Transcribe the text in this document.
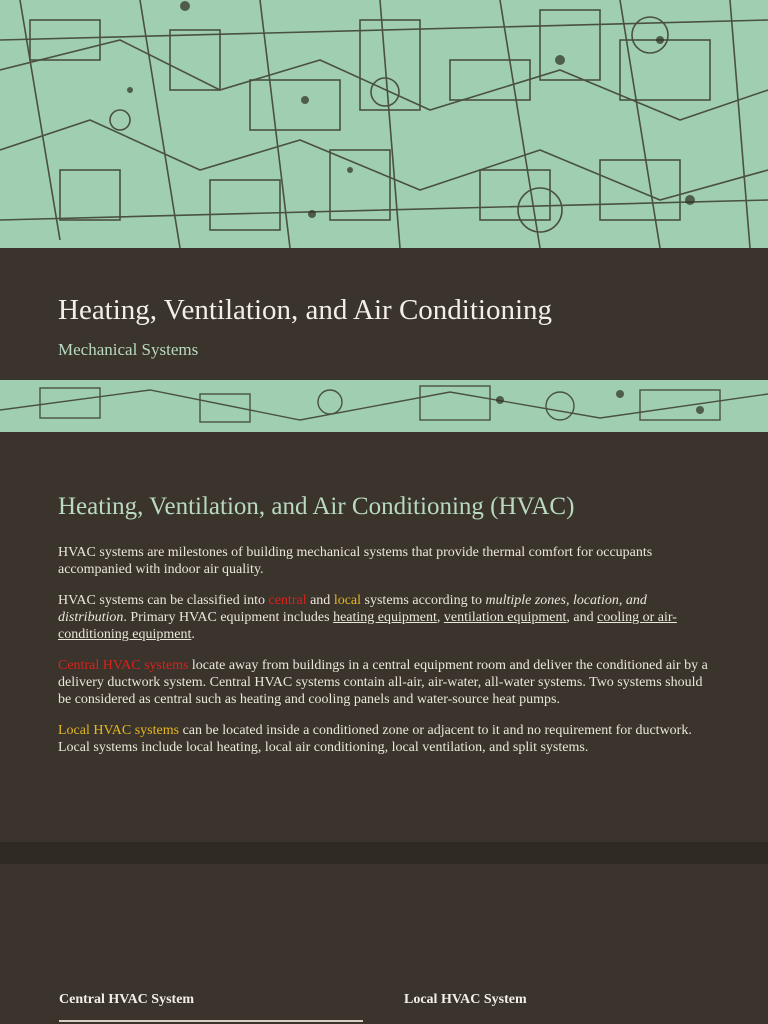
Heating, Ventilation, and Air Conditioning
Mechanical Systems
Heating, Ventilation, and Air Conditioning (HVAC)

HVAC systems are milestones of building mechanical systems that provide thermal comfort for occupants accompanied with indoor air quality.

HVAC systems can be classified into central and local systems according to multiple zones, location, and distribution. Primary HVAC equipment includes heating equipment, ventilation equipment, and cooling or air-conditioning equipment.

Central HVAC systems locate away from buildings in a central equipment room and deliver the conditioned air by a delivery ductwork system. Central HVAC systems contain all-air, air-water, all-water systems. Two systems should be considered as central such as heating and cooling panels and water-source heat pumps.

Local HVAC systems can be located inside a conditioned zone or adjacent to it and no requirement for ductwork. Local systems include local heating, local air conditioning, local ventilation, and split systems.

Central HVAC System	Local HVAC System
